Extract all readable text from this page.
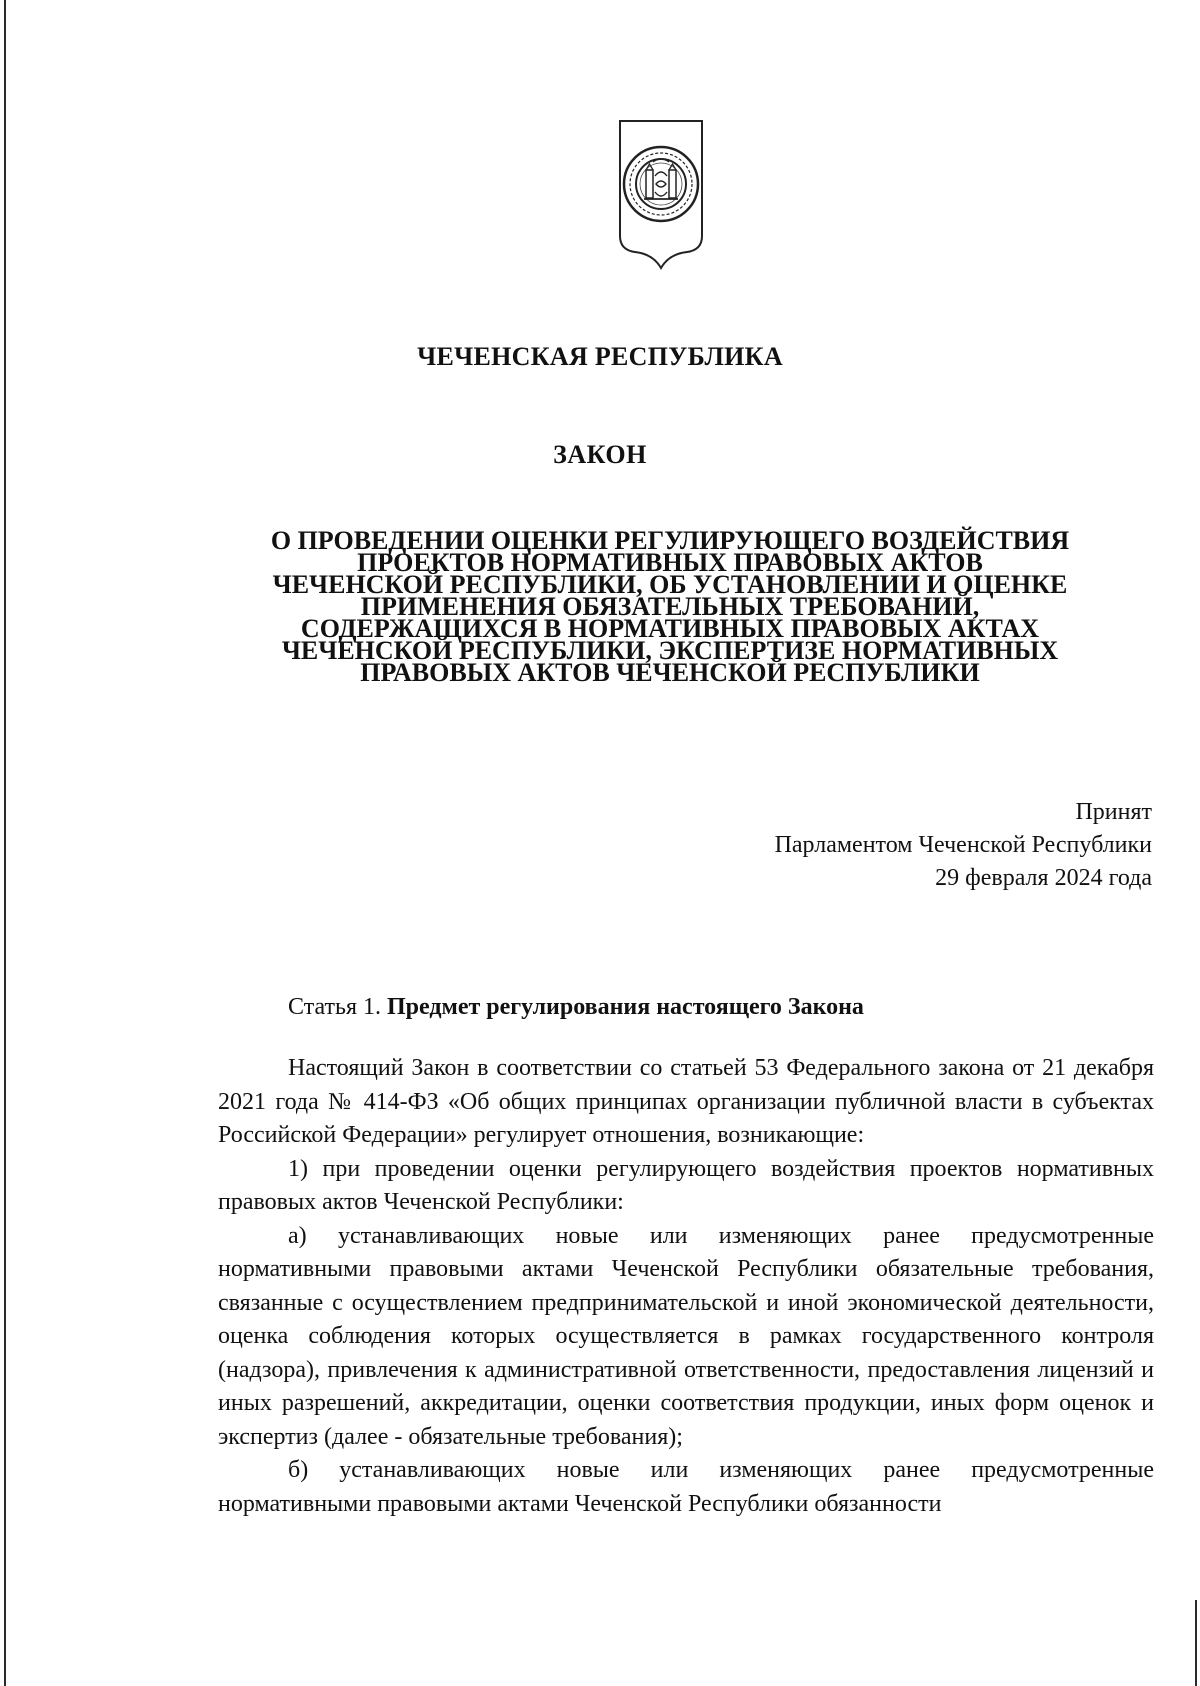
ЧЕЧЕНСКАЯ РЕСПУБЛИКА
ЗАКОН
О ПРОВЕДЕНИИ ОЦЕНКИ РЕГУЛИРУЮЩЕГО ВОЗДЕЙСТВИЯ
ПРОЕКТОВ НОРМАТИВНЫХ ПРАВОВЫХ АКТОВ
ЧЕЧЕНСКОЙ РЕСПУБЛИКИ, ОБ УСТАНОВЛЕНИИ И ОЦЕНКЕ
ПРИМЕНЕНИЯ ОБЯЗАТЕЛЬНЫХ ТРЕБОВАНИЙ,
СОДЕРЖАЩИХСЯ В НОРМАТИВНЫХ ПРАВОВЫХ АКТАХ
ЧЕЧЕНСКОЙ РЕСПУБЛИКИ, ЭКСПЕРТИЗЕ НОРМАТИВНЫХ
ПРАВОВЫХ АКТОВ ЧЕЧЕНСКОЙ РЕСПУБЛИКИ
Принят
Парламентом Чеченской Республики
29 февраля 2024 года

Статья 1. Предмет регулирования настоящего Закона

Настоящий Закон в соответствии со статьей 53 Федерального закона от 21 декабря 2021 года № 414-ФЗ «Об общих принципах организации публичной власти в субъектах Российской Федерации» регулирует отношения, возникающие:

1) при проведении оценки регулирующего воздействия проектов нормативных правовых актов Чеченской Республики:

а) устанавливающих новые или изменяющих ранее предусмотренные нормативными правовыми актами Чеченской Республики обязательные требования, связанные с осуществлением предпринимательской и иной экономической деятельности, оценка соблюдения которых осуществляется в рамках государственного контроля (надзора), привлечения к административной ответственности, предоставления лицензий и иных разрешений, аккредитации, оценки соответствия продукции, иных форм оценок и экспертиз (далее - обязательные требования);

б) устанавливающих новые или изменяющих ранее предусмотренные нормативными правовыми актами Чеченской Республики обязанности
